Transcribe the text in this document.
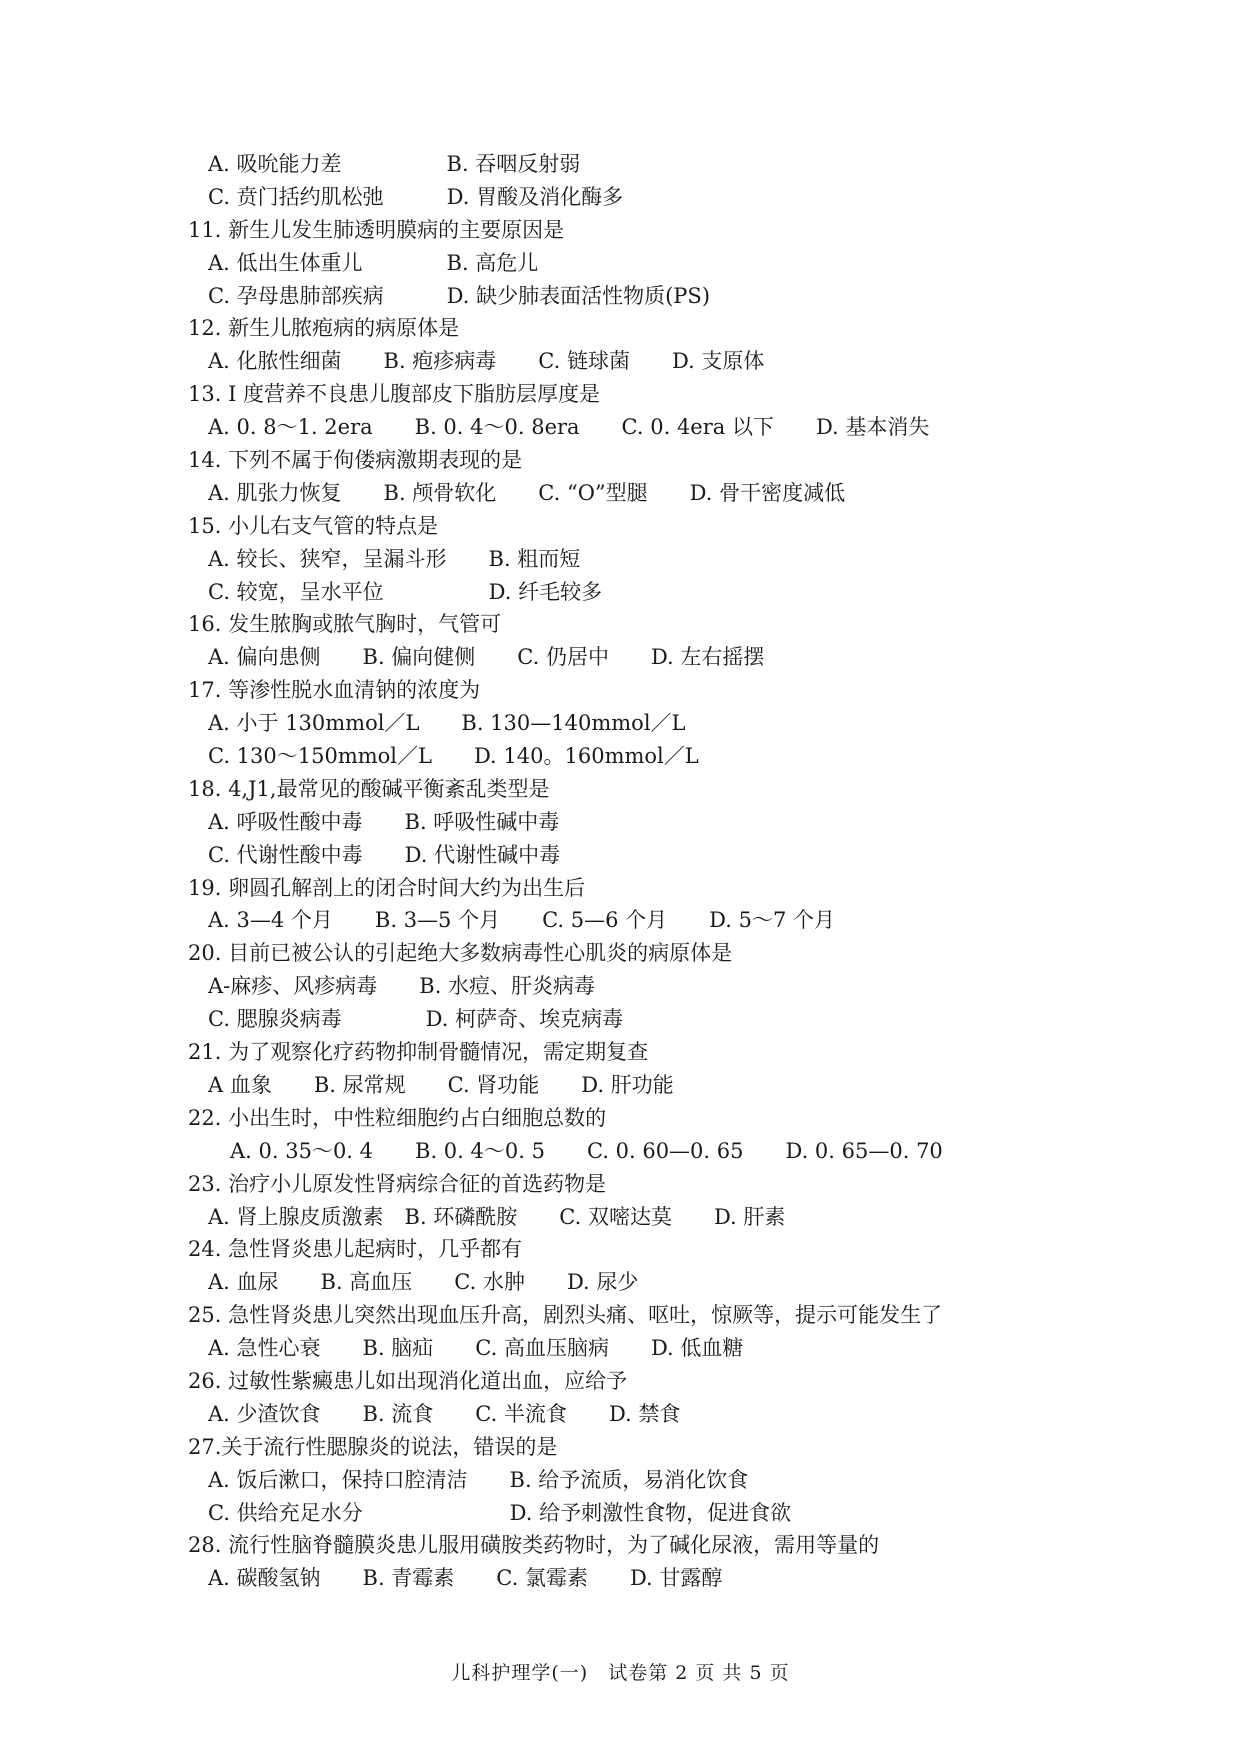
A. 吸吮能力差　　　　　B. 吞咽反射弱
C. 贲门括约肌松弛　　　D. 胃酸及消化酶多
11. 新生儿发生肺透明膜病的主要原因是
A. 低出生体重儿　　　　B. 高危儿
C. 孕母患肺部疾病　　　D. 缺少肺表面活性物质(PS)
12. 新生儿脓疱病的病原体是
A. 化脓性细菌　　B. 疱疹病毒　　C. 链球菌　　D. 支原体
13. I 度营养不良患儿腹部皮下脂肪层厚度是
A. 0. 8～1. 2era　　B. 0. 4～0. 8era　　C. 0. 4era 以下　　D. 基本消失
14. 下列不属于佝偻病激期表现的是
A. 肌张力恢复　　B. 颅骨软化　　C. “O”型腿　　D. 骨干密度减低
15. 小儿右支气管的特点是
A. 较长、狭窄，呈漏斗形　　B. 粗而短
C. 较宽，呈水平位　　　　　D. 纤毛较多
16. 发生脓胸或脓气胸时，气管可
A. 偏向患侧　　B. 偏向健侧　　C. 仍居中　　D. 左右摇摆
17. 等渗性脱水血清钠的浓度为
A. 小于 130mmol／L　　B. 130—140mmol／L
C. 130～150mmol／L　　D. 140。160mmol／L
18. 4,J1,最常见的酸碱平衡紊乱类型是
A. 呼吸性酸中毒　　B. 呼吸性碱中毒
C. 代谢性酸中毒　　D. 代谢性碱中毒
19. 卵圆孔解剖上的闭合时间大约为出生后
A. 3—4 个月　　B. 3—5 个月　　C. 5—6 个月　　D. 5～7 个月
20. 目前已被公认的引起绝大多数病毒性心肌炎的病原体是
A-麻疹、风疹病毒　　B. 水痘、肝炎病毒
C. 腮腺炎病毒　　　　D. 柯萨奇、埃克病毒
21. 为了观察化疗药物抑制骨髓情况，需定期复查
A 血象　　B. 尿常规　　C. 肾功能　　D. 肝功能
22. 小出生时，中性粒细胞约占白细胞总数的
A. 0. 35～0. 4　　B. 0. 4～0. 5　　C. 0. 60—0. 65　　D. 0. 65—0. 70
23. 治疗小儿原发性肾病综合征的首选药物是
A. 肾上腺皮质激素　B. 环磷酰胺　　C. 双嘧达莫　　D. 肝素
24. 急性肾炎患儿起病时，几乎都有
A. 血尿　　B. 高血压　　C. 水肿　　D. 尿少
25. 急性肾炎患儿突然出现血压升高，剧烈头痛、呕吐，惊厥等，提示可能发生了
A. 急性心衰　　B. 脑疝　　C. 高血压脑病　　D. 低血糖
26. 过敏性紫癜患儿如出现消化道出血，应给予
A. 少渣饮食　　B. 流食　　C. 半流食　　D. 禁食
27.关于流行性腮腺炎的说法，错误的是
A. 饭后漱口，保持口腔清洁　　B. 给予流质，易消化饮食
C. 供给充足水分　　　　　　　D. 给予刺激性食物，促进食欲
28. 流行性脑脊髓膜炎患儿服用磺胺类药物时，为了碱化尿液，需用等量的
A. 碳酸氢钠　　B. 青霉素　　C. 氯霉素　　D. 甘露醇
儿科护理学(一)　试卷第 2 页 共 5 页
